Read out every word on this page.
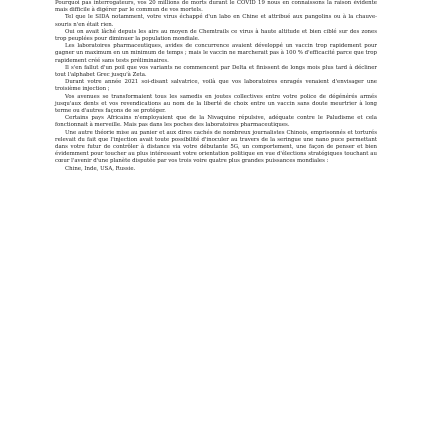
Pourquoi pas interrogateurs, vos 20 millions de morts durant le COVID 19 nous en connaissons la raison évidente mais difficile à digérer par le commun de vos mortels.

Tel que le SIDA notamment, votre virus échappé d'un labo en Chine et attribué aux pangolins ou à la chauve-souris n'en était rien.

Oui on avait lâché depuis les airs au moyen de Chemtrails ce virus à haute altitude et bien ciblé sur des zones trop peuplées pour diminuer la population mondiale.

Les laboratoires pharmaceutiques, avides de concurrence avaient développé un vaccin trop rapidement pour gagner un maximum en un minimum de temps ; mais le vaccin ne marcherait pas à 100 % d'efficacité parce que trop rapidement créé sans tests préliminaires.

Il s'en fallut d'un poil que vos variants ne commencent par Delta et finissent de longs mois plus tard à décliner tout l'alphabet Grec jusqu'à Zeta.

Durant votre année 2021 soi-disant salvatrice, voilà que vos laboratoires enragés venaient d'envisager une troisième injection ;

Vos avenues se transformaient tous les samedis en joutes collectives entre votre police de dégénérés armés jusqu'aux dents et vos revendications au nom de la liberté de choix entre un vaccin sans doute meurtrier à long terme ou d'autres façons de se protéger.

Certains pays Africains n'employaient que de la Nivaquine répulsive, adéquate contre le Paludisme et cela fonctionnait à merveille. Mais pas dans les poches des laboratoires pharmaceutiques.

Une autre théorie mise au panier et aux dires cachés de nombreux journalistes Chinois, emprisonnés et torturés relevait du fait que l'injection avait toute possibilité d'inoculer au travers de la seringue une nano puce permettant dans votre futur de contrôler à distance via votre débutante 5G, un comportement, une façon de penser et bien évidemment pour toucher au plus intéressant votre orientation politique en vue d'élections stratégiques touchant au cœur l'avenir d'une planète disputée par vos trois voire quatre plus grandes puissances mondiales :

Chine, Inde, USA, Russie.
